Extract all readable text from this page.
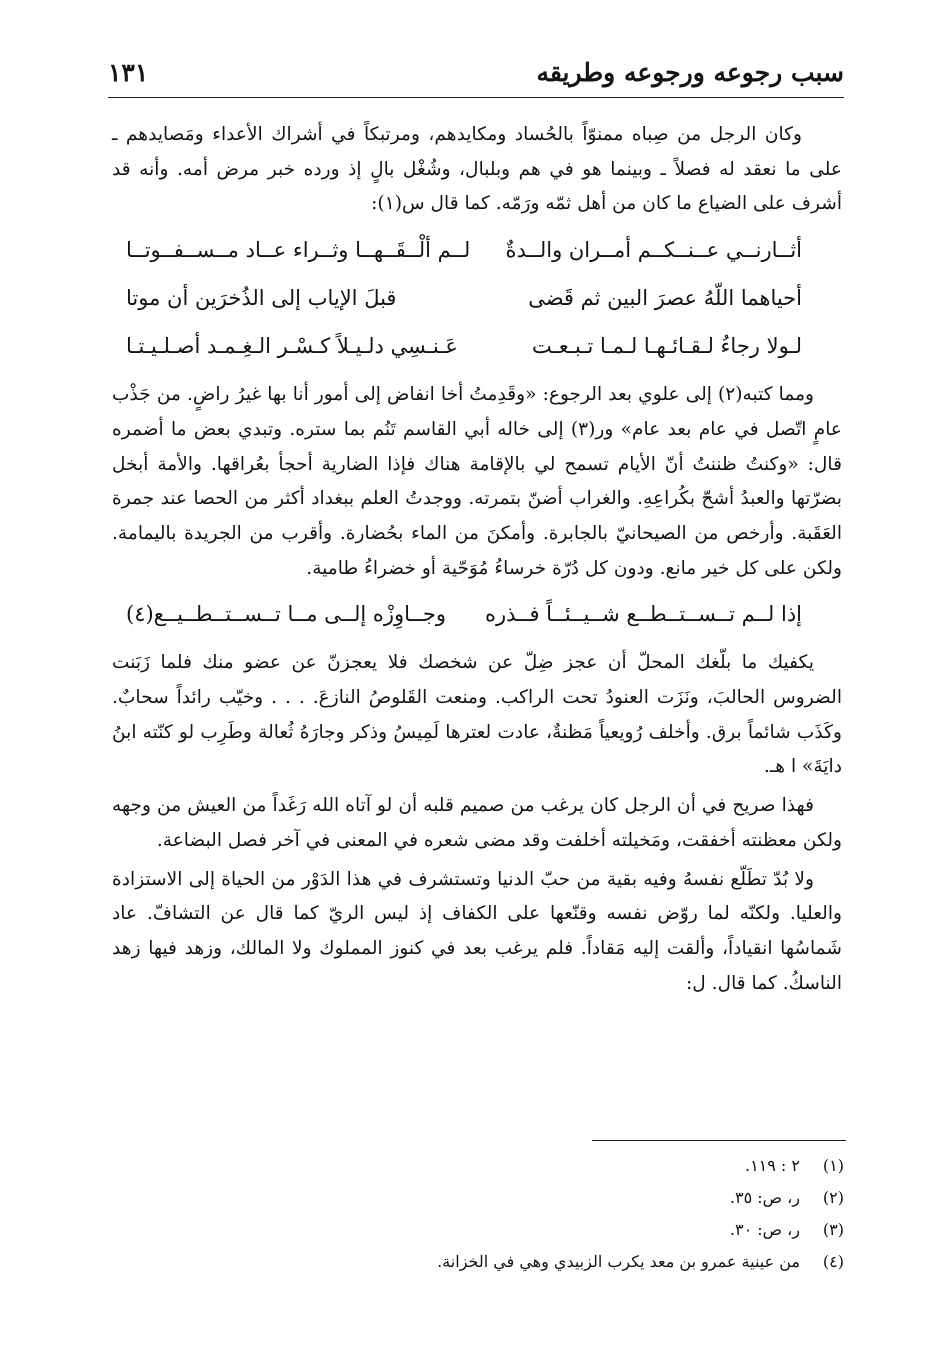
سبب رجوعه ورجوعه وطريقه
١٣١

وكان الرجل من صِباه ممنوّاً بالحُساد ومكايدهم، ومرتبكاً في أشراك الأعداء ومَصايدهم ـ على ما نعقد له فصلاً ـ وبينما هو في هم وبلبال، وشُغْل بالٍ إذ ورده خبر مرض أمه. وأنه قد أشرف على الضياع ما كان من أهل ثمّه ورَمّه. كما قال س(١):

أثــارنــي عــنــكــم أمــران والــدةٌ
لــم ألْــقَــهــا وثــراء عــاد مــســفــوتــا
أحياهما اللّهُ عصرَ البين ثم قَضى
قبلَ الإياب إلى الذُخرَين أن موتا
لـولا رجاءُ لـقـائـهـا لـمـا تـبـعـت
عَـنـسِي دلـيـلاً كـسْـر الـغِـمـد أصـلـيـتـا

ومما كتبه(٢) إلى علوي بعد الرجوع: «وقَدِمتُ أخا انفاض إلى أمور أنا بها غيرُ راضٍ. من جَذْب عامٍ اتّصل في عام بعد عام» ور(٣) إلى خاله أبي القاسم تَنُم بما ستره. وتبدي بعض ما أضمره قال: «وكنتُ ظننتُ أنّ الأيام تسمح لي بالإقامة هناك فإذا الضارية أحجأ بعُراقها. والأمة أبخل بضرّتها والعبدُ أشحّ بكُراعِهِ. والغراب أضنّ بتمرته. ووجدتُ العلم ببغداد أكثر من الحصا عند جمرة العَقَبة. وأرخص من الصيحانيّ بالجابرة. وأمكنَ من الماء بحُضارة. وأقرب من الجريدة باليمامة. ولكن على كل خير مانع. ودون كل دُرّة خرساءُ مُوَحّية أو خضراءُ طامية.

إذا لــم تــســتــطــع شــيــئــاً فــذره
وجــاوِزْه إلــى مــا تــســتــطــيــع(٤)

يكفيك ما بلّغك المحلّ أن عجز ضِلّ عن شخصك فلا يعجزنّ عن عضو منك فلما زَبَنت الضروس الحالبَ، ونَزَت العنودُ تحت الراكب. ومنعت القَلوصُ النازعَ. . . . وخيّب رائداً سحابٌ. وكَذَب شائماً برق. وأخلف رُويعياً مَظنةٌ، عادت لعترها لَمِيسُ وذكر وجارَهُ ثُعالة وطَرِب لو كنّته ابنُ دايَةَ» ا هـ.

فهذا صريح في أن الرجل كان يرغب من صميم قلبه أن لو آتاه الله رَغَداً من العيش من وجهه ولكن معظنته أخفقت، ومَخيلته أخلفت وقد مضى شعره في المعنى في آخر فصل البضاعة.

ولا بُدّ تطَلّع نفسهُ وفيه بقية من حبّ الدنيا وتستشرف في هذا الدَوْر من الحياة إلى الاستزادة والعليا. ولكنّه لما روّض نفسه وقنّعها على الكفاف إذ ليس الريّ كما قال عن التشافّ. عاد شَماسُها انقياداً، وألقت إليه مَقاداً. فلم يرغب بعد في كنوز المملوك ولا المالك، وزهد فيها زهد الناسكُ. كما قال. ل:

(١)
٢ : ١١٩.
(٢)
ر، ص: ٣٥.
(٣)
ر، ص: ٣٠.
(٤)
من عينية عمرو بن معد يكرب الزبيدي وهي في الخزانة.
